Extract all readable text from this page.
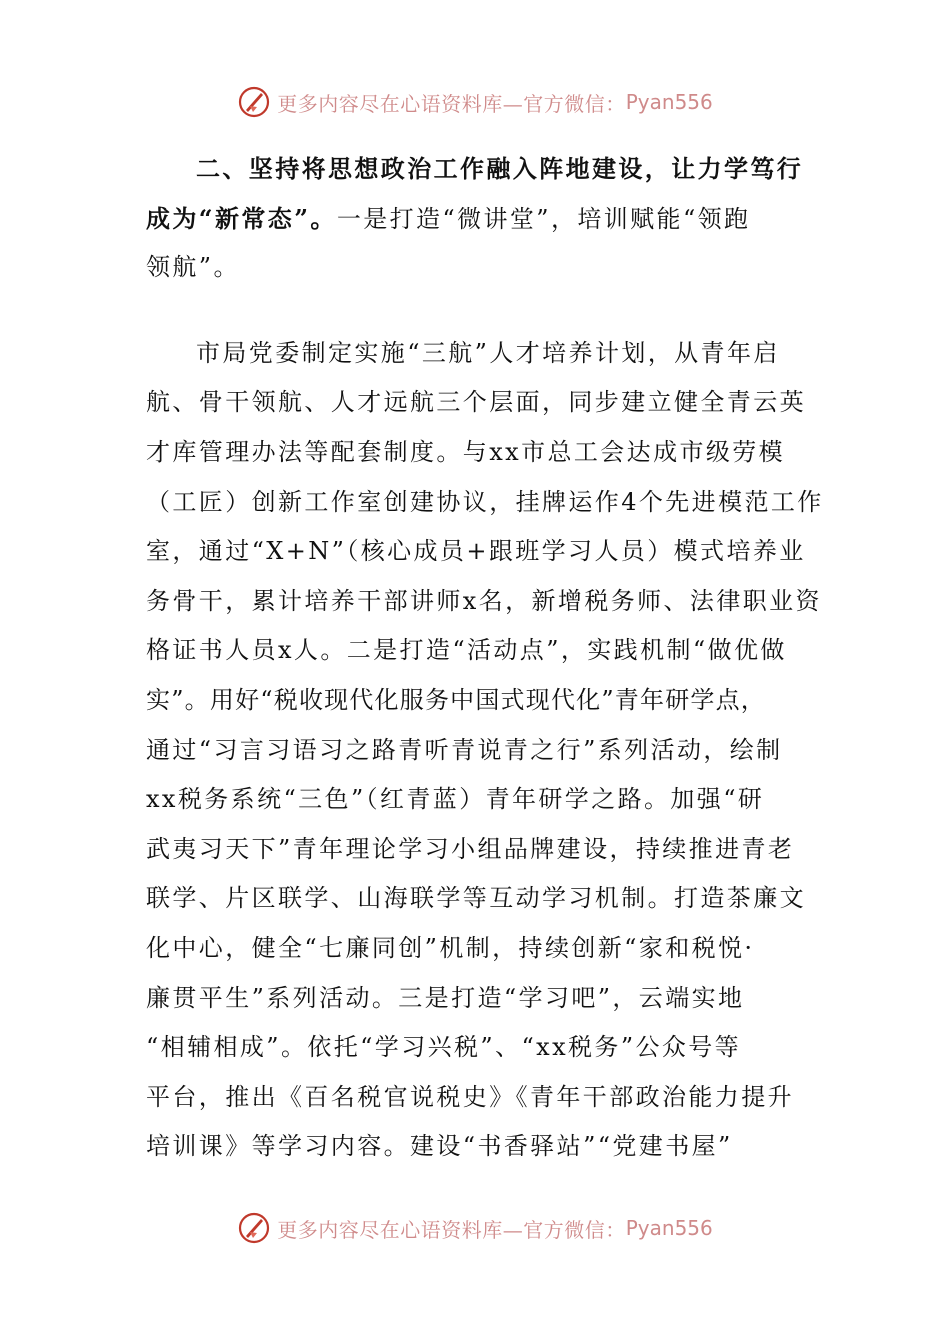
更多内容尽在心语资料库—官方微信： Pyan556
二、坚持将思想政治工作融入阵地建设，让力学笃行
成为“新常态”。一是打造“微讲堂”，培训赋能“领跑
领航”。
市局党委制定实施“三航”人才培养计划，从青年启
航、骨干领航、人才远航三个层面，同步建立健全青云英
才库管理办法等配套制度。与xx市总工会达成市级劳模
（工匠）创新工作室创建协议，挂牌运作4个先进模范工作
室，通过“X+N”（核心成员+跟班学习人员）模式培养业
务骨干，累计培养干部讲师x名，新增税务师、法律职业资
格证书人员x人。二是打造“活动点”，实践机制“做优做
实”。用好“税收现代化服务中国式现代化”青年研学点，
通过“习言习语习之路青听青说青之行”系列活动，绘制
xx税务系统“三色”（红青蓝）青年研学之路。加强“研
武夷习天下”青年理论学习小组品牌建设，持续推进青老
联学、片区联学、山海联学等互动学习机制。打造茶廉文
化中心，健全“七廉同创”机制，持续创新“家和税悦·
廉贯平生”系列活动。三是打造“学习吧”，云端实地
“相辅相成”。依托“学习兴税”、“xx税务”公众号等
平台，推出《百名税官说税史》《青年干部政治能力提升
培训课》等学习内容。建设“书香驿站”“党建书屋”
更多内容尽在心语资料库—官方微信： Pyan556
